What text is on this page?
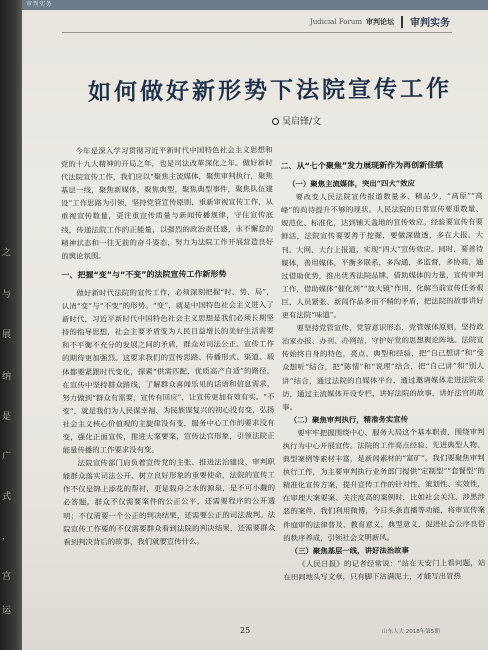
之
与
展
纳
是
广
式
，
宫
运
审判实务
Judicial Forum 审判论坛 审判实务
如何做好新形势下法院宣传工作
吴启锋/文

今年是深入学习贯彻习近平新时代中国特色社会主义思想和党的十九大精神的开局之年，也是司法改革深化之年。做好新时代法院宣传工作，我们应以“聚焦主流媒体，聚焦审判执行，聚焦基层一线，聚焦新媒体，聚焦典型，聚焦典型事件，聚焦队伍建设”工作思路为引领，坚持党管宣传原则，重新审视宣传工作，从重视宣传数量，更注重宣传质量与新闻传播规律，守住宣传底线，传递法院工作的正能量，以强烈的政治责任感，永不懈怠的精神状态和一往无前的奋斗姿态，努力为法院工作开展营造良好的舆论氛围。

一、把握“变”与“不变”的法院宣传工作新形势

做好新时代法院的宣传工作，必须深刻把握“时、势、局”，认清“变”与“不变”的形势。“变”，就是中国特色社会主义进入了新时代，习近平新时代中国特色社会主义思想是我们必须长期坚持的指导思想，社会主要矛盾变为人民日益增长的美好生活需要和不平衡不充分的发展之间的矛盾，群众对司法公正、宣传工作的期待更加强烈。这要求我们的宣传思路、传播形式、渠道、载体都要紧跟时代变化，探索“供需匹配，优质高产自适”的路径，在宣传中坚持群众路线，了解群众喜闻乐见的话语和信息需求，努力做到“群众有需要，宣传有回应”，让宣传更加有效有实。“不变”，就是我们为人民谋幸福、为民族谋复兴的初心没有变，弘扬社会主义核心价值观的主旋律没有变，服务中心工作的要求没有变，强化正面宣传，推进大案要案，宣传法官形象，引领法院正能量传播的工作要求没有变。

法院宣传部门肩负着宣传党的主张、推进法治建设、审判职能群众落实司法公开、树立良好形象的重要使命，法院的宣传工作不仅是锦上添花的帮衬，更是载舟之水的源泉，是不可小觑的必答题。群众不仅需要案件的公正公平，还需要程序的公开透明；不仅需要一个公正的判决结果，还需要公正的司法裁判。法院宣传工作要的不仅需要群众看到法院的判决结果，还需要群众看到判决背后的故事，我们就要宣传什么。

二、从“七个聚焦”发力展现新作为再创新佳绩
（一）聚焦主流媒体，突出“四大”效应

要改变人民法院宣传报道数量多、精品少，“高原”“高峰”的尚待提升不够的现状。人民法院的日常宣传要重数量、规范化、标准化，达到铺天盖地的宣传效应。经验要宣传有要鲜活，法院宣传要要善于挖掘，要做深做透，多在大报、大刊、大网、大台上报道，实现“四大”宣传效应。同时，要善待媒体，善用媒体，平衡多联系，多沟通，多监督，多协商，通过借助优势，推出优秀法院品牌，借助媒体的力量，宣传审判工作，借助媒体“催化剂”“放大镜”作用，化解当前宣传任务艰巨，人员紧张、新闻作品多而不精的矛盾，把法院的故事讲好更有法院“味道”。

要坚持党管宣传，党管意识形态，党管媒体原则，坚持政治家办报、办刊、办网站，守护好党的思想舆论阵地。法院宣传始终自身的特色，亮点、典型和经验，把“自己想讲”和“受众想听”结合，把“陈情”和“说理”结合，把“自己讲”和“别人讲”结合，通过法院的自媒体平台，通过邀请媒体走进法院采访，通过主流媒体开设专栏，讲好法院的故事，讲好法官的故事。

（二）聚焦审判执行，精准务实宣传

要牢牢把握围绕中心、服务大局这个基本职责，围绕审判执行为中心开展宣传。法院的工作亮点经验、先进典型人物、典型案例等素材丰富，是新闻素材的“富矿”。我们要聚焦审判执行工作，为主要审判执行业务部门提供“定制型”“套餐型”的精准化宣传方案，提升宣传工作的针对性、策划性、实效性，在审理大案要案、关注度高的案例时，比如社会关注、涉黑涉恶的案件，我们利用微博，今日头条直播等功能，将审宣传案件庭审的法律普及、教育意义、典型意义，促进社会公序良俗的秩序养成，引领社会文明新风。

（三）聚焦基层一线，讲好法治故事

《人民日报》的记者经常说：“站在天安门上看问题，站在田间地头写文章，只有脚下沾满泥土，才能写出冒热

25	山东人大 2018年第5期
